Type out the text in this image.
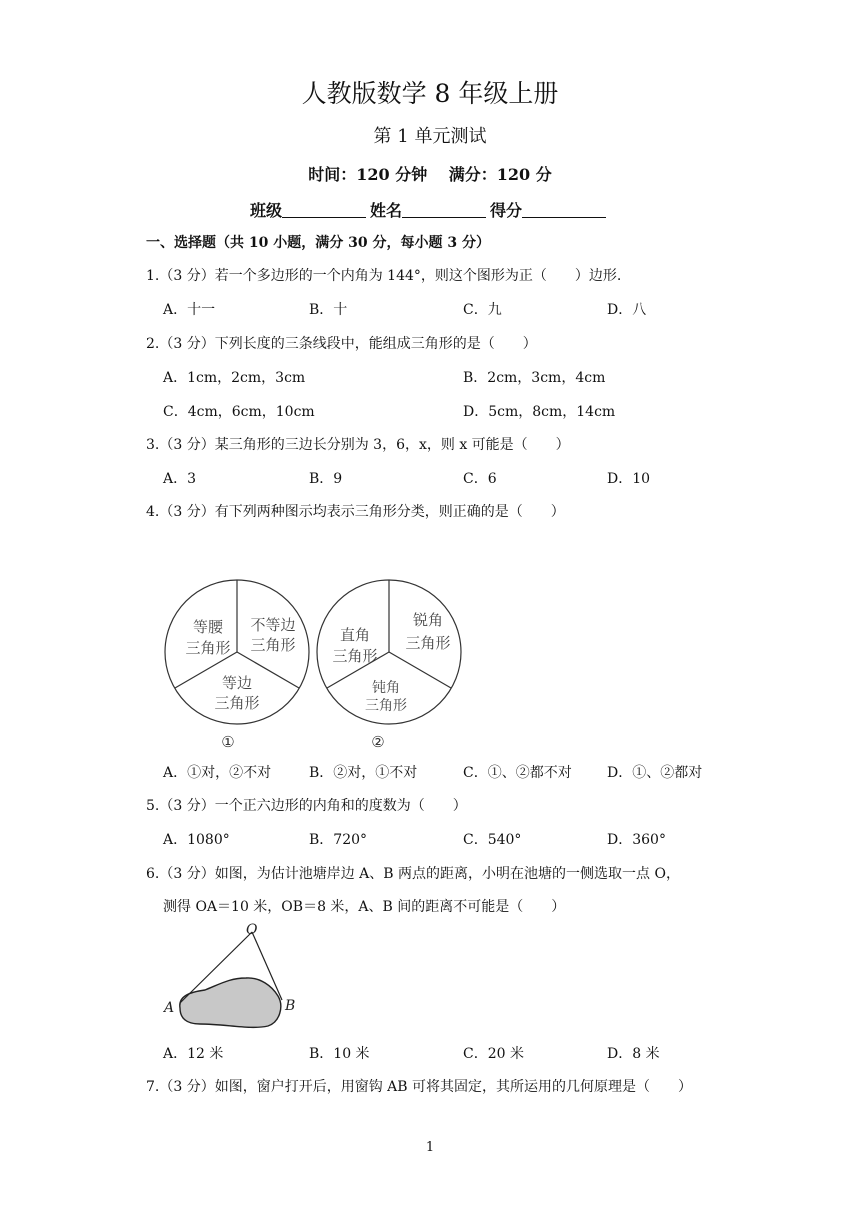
人教版数学 8 年级上册
第 1 单元测试
时间：120 分钟　 满分：120 分
班级	姓名	得分
一、选择题（共 10 小题，满分 30 分，每小题 3 分）
1.（3 分）若一个多边形的一个内角为 144°，则这个图形为正（　　）边形.
A．十一	B．十	C．九	D．八
2.（3 分）下列长度的三条线段中，能组成三角形的是（　　）
A．1cm，2cm，3cm	B．2cm，3cm，4cm
C．4cm，6cm，10cm	D．5cm，8cm，14cm
3.（3 分）某三角形的三边长分别为 3，6，x，则 x 可能是（　　）
A．3	B．9	C．6	D．10
4.（3 分）有下列两种图示均表示三角形分类，则正确的是（　　）
等腰
三角形
不等边
三角形
等边
三角形
①
直角
三角形
锐角
三角形
钝角
三角形
②
A．①对，②不对	B．②对，①不对	C．①、②都不对	D．①、②都对
5.（3 分）一个正六边形的内角和的度数为（　　）
A．1080°	B．720°	C．540°	D．360°
6.（3 分）如图，为估计池塘岸边 A、B 两点的距离，小明在池塘的一侧选取一点 O，
测得 OA＝10 米，OB＝8 米，A、B 间的距离不可能是（　　）
O
A	B
A．12 米	B．10 米	C．20 米	D．8 米
7.（3 分）如图，窗户打开后，用窗钩 AB 可将其固定，其所运用的几何原理是（　　）
1
